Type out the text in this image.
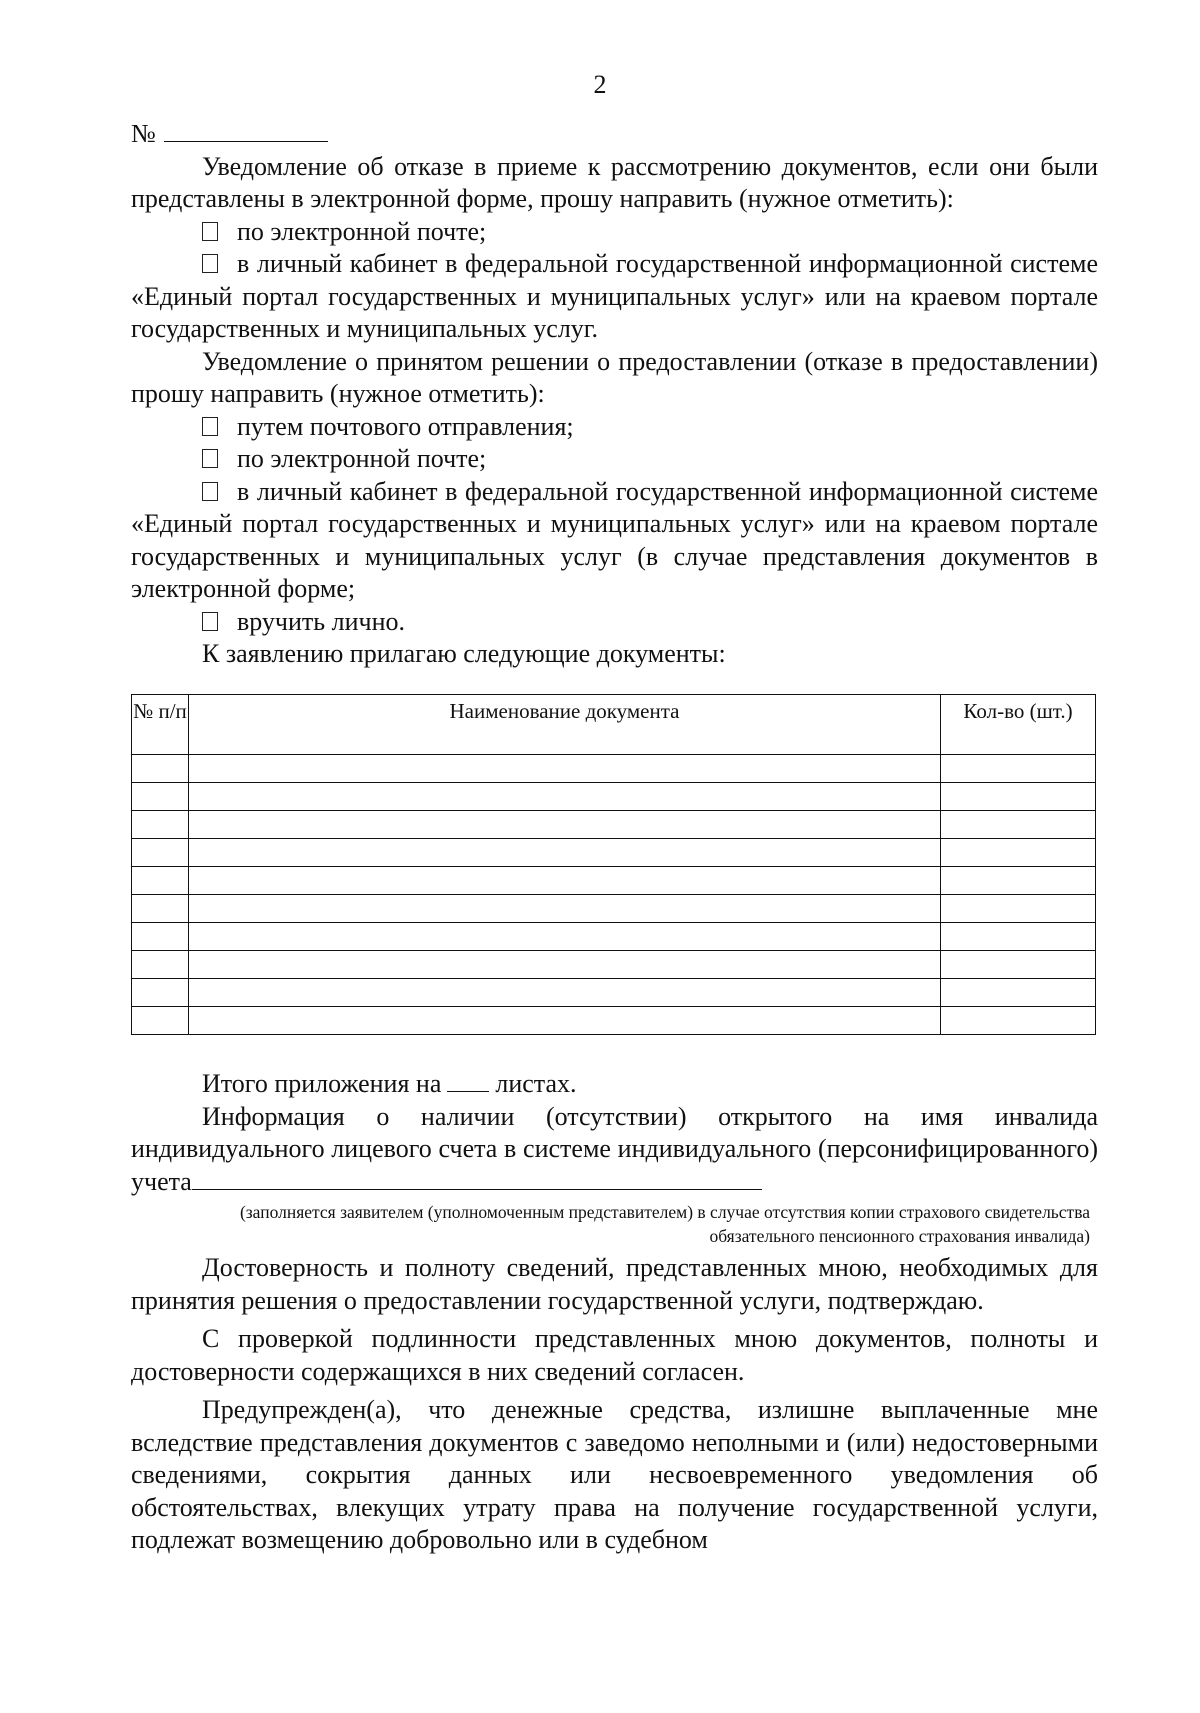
2

№

Уведомление об отказе в приеме к рассмотрению документов, если они были представлены в электронной форме, прошу направить (нужное отметить):

по электронной почте;

в личный кабинет в федеральной государственной информационной системе «Единый портал государственных и муниципальных услуг» или на краевом портале государственных и муниципальных услуг.

Уведомление о принятом решении о предоставлении (отказе в предоставлении) прошу направить (нужное отметить):

путем почтового отправления;

по электронной почте;

в личный кабинет в федеральной государственной информационной системе «Единый портал государственных и муниципальных услуг» или на краевом портале государственных и муниципальных услуг (в случае представления документов в электронной форме;

вручить лично.

К заявлению прилагаю следующие документы:

№ п/п	Наименование документа	Кол-во (шт.)

Итого приложения на листах.

Информация о наличии (отсутствии) открытого на имя инвалида индивидуального лицевого счета в системе индивидуального (персонифицированного) учета

(заполняется заявителем (уполномоченным представителем) в случае отсутствия копии страхового свидетельства обязательного пенсионного страхования инвалида)

Достоверность и полноту сведений, представленных мною, необходимых для принятия решения о предоставлении государственной услуги, подтверждаю.

С проверкой подлинности представленных мною документов, полноты и достоверности содержащихся в них сведений согласен.

Предупрежден(а), что денежные средства, излишне выплаченные мне вследствие представления документов с заведомо неполными и (или) недостоверными сведениями, сокрытия данных или несвоевременного уведомления об обстоятельствах, влекущих утрату права на получение государственной услуги, подлежат возмещению добровольно или в судебном
